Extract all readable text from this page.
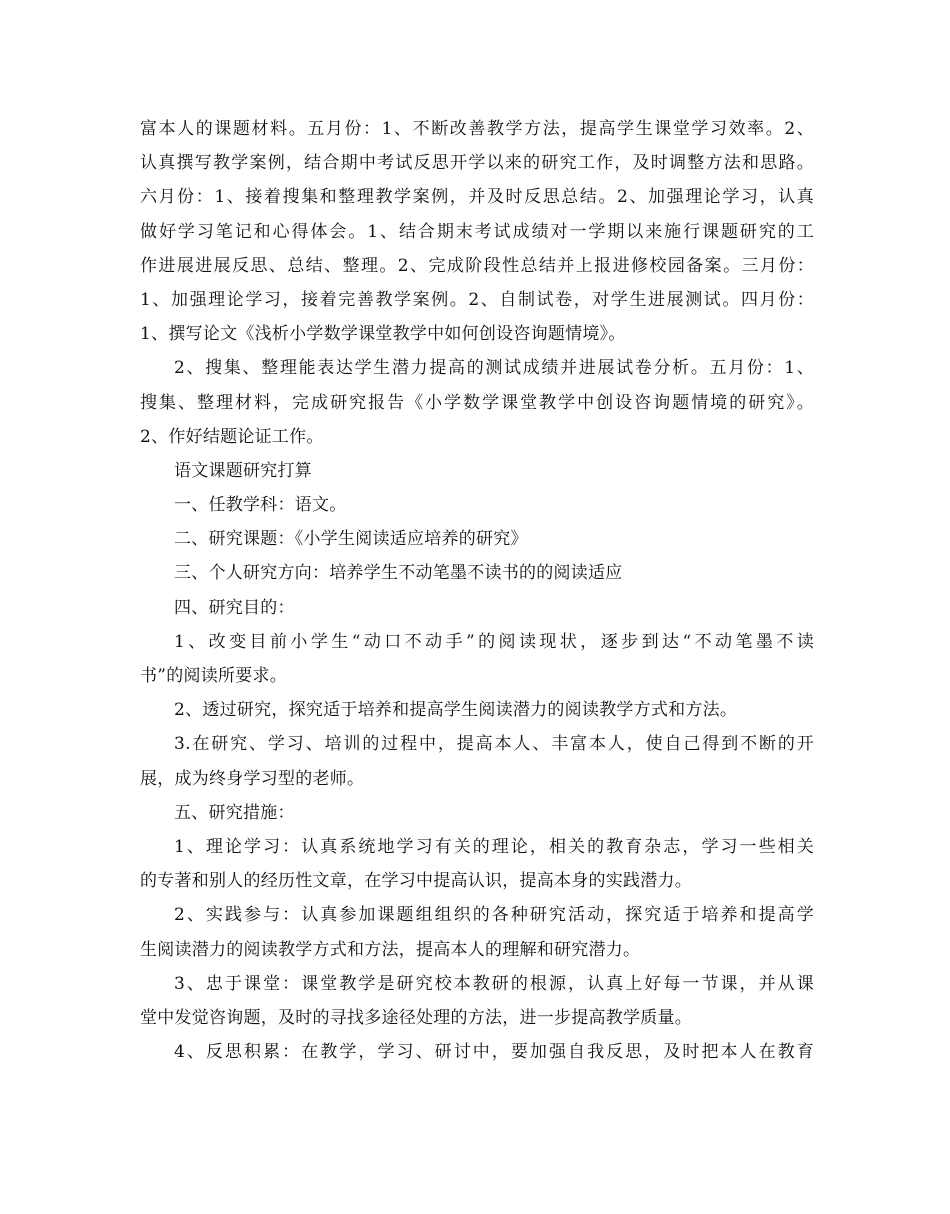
富本人的课题材料。五月份：1、不断改善教学方法，提高学生课堂学习效率。2、
认真撰写教学案例，结合期中考试反思开学以来的研究工作，及时调整方法和思路。
六月份：1、接着搜集和整理教学案例，并及时反思总结。2、加强理论学习，认真
做好学习笔记和心得体会。1、结合期末考试成绩对一学期以来施行课题研究的工
作进展进展反思、总结、整理。2、完成阶段性总结并上报进修校园备案。三月份：
1、加强理论学习，接着完善教学案例。2、自制试卷，对学生进展测试。四月份：
1、撰写论文《浅析小学数学课堂教学中如何创设咨询题情境》。
2、搜集、整理能表达学生潜力提高的测试成绩并进展试卷分析。五月份：1、
搜集、整理材料，完成研究报告《小学数学课堂教学中创设咨询题情境的研究》。
2、作好结题论证工作。
语文课题研究打算
一、任教学科：语文。
二、研究课题：《小学生阅读适应培养的研究》
三、个人研究方向：培养学生不动笔墨不读书的的阅读适应
四、研究目的：
1、改变目前小学生“动口不动手”的阅读现状，逐步到达“不动笔墨不读
书”的阅读所要求。
2、透过研究，探究适于培养和提高学生阅读潜力的阅读教学方式和方法。
3.在研究、学习、培训的过程中，提高本人、丰富本人，使自己得到不断的开
展，成为终身学习型的老师。
五、研究措施：
1、理论学习：认真系统地学习有关的理论，相关的教育杂志，学习一些相关
的专著和别人的经历性文章，在学习中提高认识，提高本身的实践潜力。
2、实践参与：认真参加课题组组织的各种研究活动，探究适于培养和提高学
生阅读潜力的阅读教学方式和方法，提高本人的理解和研究潜力。
3、忠于课堂：课堂教学是研究校本教研的根源，认真上好每一节课，并从课
堂中发觉咨询题，及时的寻找多途径处理的方法，进一步提高教学质量。
4、反思积累：在教学，学习、研讨中，要加强自我反思，及时把本人在教育
